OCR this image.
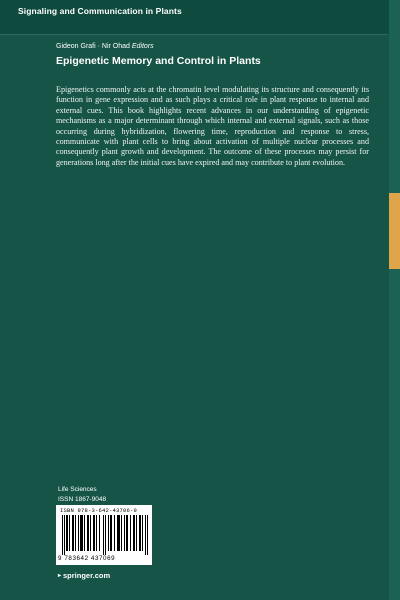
Signaling and Communication in Plants
Gideon Grafi · Nir Ohad Editors
Epigenetic Memory and Control in Plants
Epigenetics commonly acts at the chromatin level modulating its structure and consequently its function in gene expression and as such plays a critical role in plant response to internal and external cues. This book highlights recent advances in our understanding of epigenetic mechanisms as a major determinant through which internal and external signals, such as those occurring during hybridization, flowering time, reproduction and response to stress, communicate with plant cells to bring about activation of multiple nuclear processes and consequently plant growth and development. The outcome of these processes may persist for generations long after the initial cues have expired and may contribute to plant evolution.
Life Sciences
ISSN 1867-9048
ISBN 978-3-642-43706-9
9 783642 437069
▸ springer.com
